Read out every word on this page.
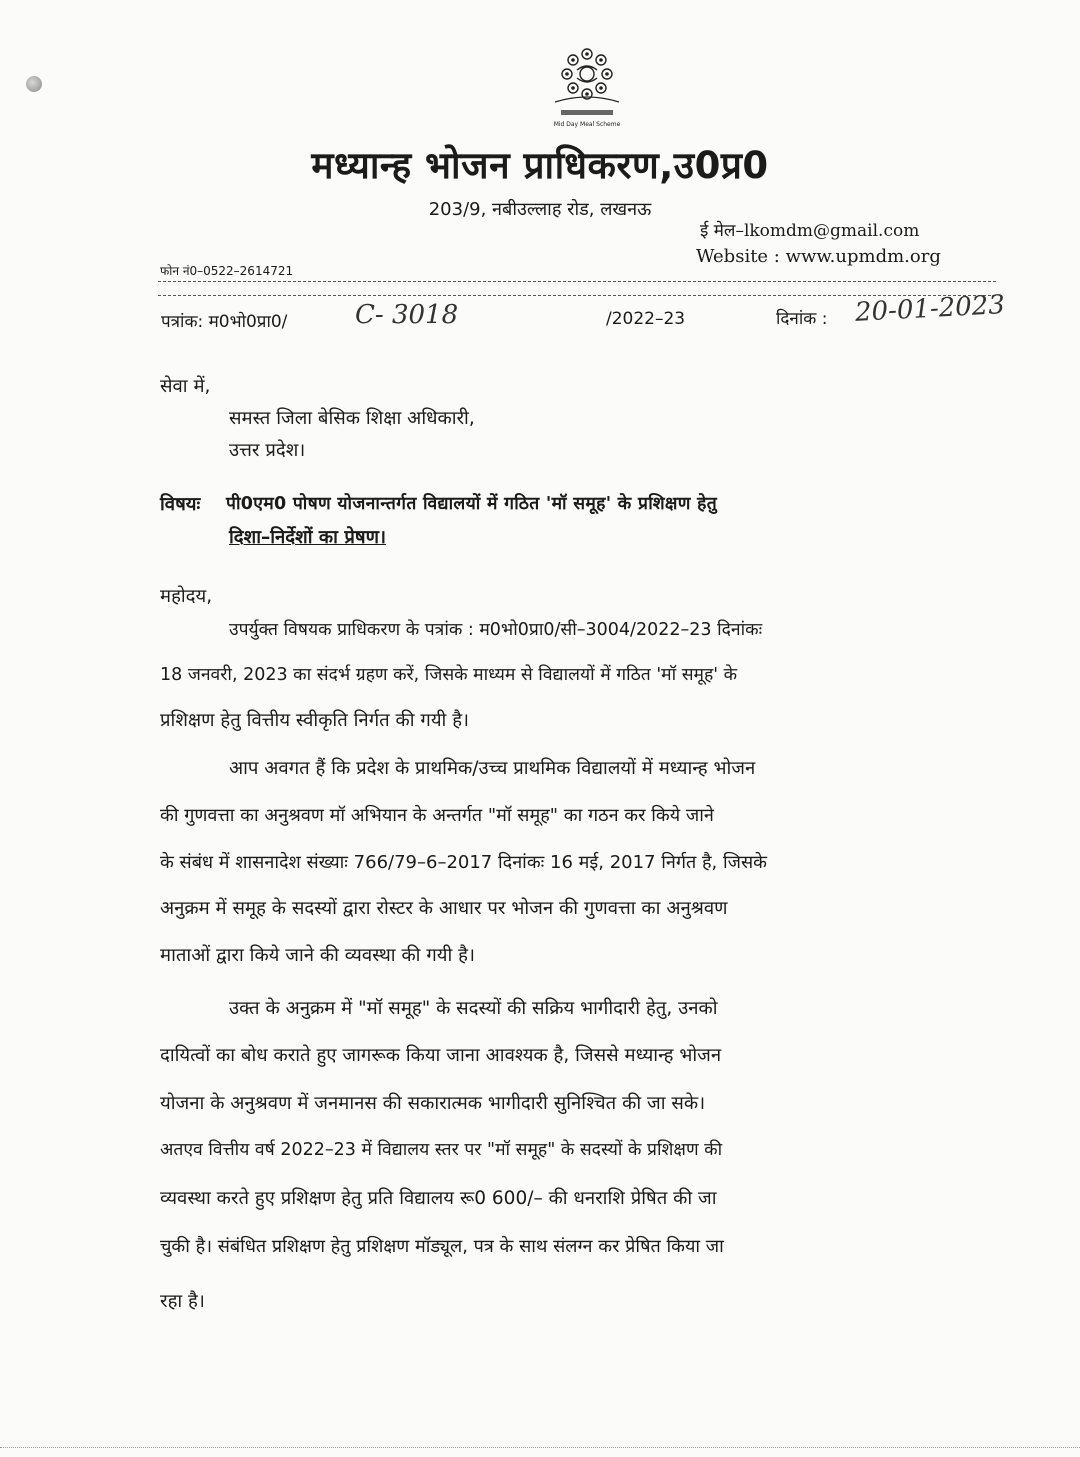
Mid Day Meal Scheme
मध्यान्ह भोजन प्राधिकरण,उ0प्र0
203/9, नबीउल्लाह रोड, लखनऊ
ई मेल–lkomdm@gmail.com
Website : www.upmdm.org
फोन नं0–0522–2614721
पत्रांक: म0भो0प्रा0/	C- 3018	/2022–23	दिनांक : 20-01-2023
सेवा में,
समस्त जिला बेसिक शिक्षा अधिकारी,
उत्तर प्रदेश।
विषयः पी0एम0 पोषण योजनान्तर्गत विद्यालयों में गठित 'मॉ समूह' के प्रशिक्षण हेतु
दिशा–निर्देशों का प्रेषण।
महोदय,
उपर्युक्त विषयक प्राधिकरण के पत्रांक : म0भो0प्रा0/सी–3004/2022–23 दिनांकः
18 जनवरी, 2023 का संदर्भ ग्रहण करें, जिसके माध्यम से विद्यालयों में गठित 'मॉ समूह' के
प्रशिक्षण हेतु वित्तीय स्वीकृति निर्गत की गयी है।
आप अवगत हैं कि प्रदेश के प्राथमिक/उच्च प्राथमिक विद्यालयों में मध्यान्ह भोजन
की गुणवत्ता का अनुश्रवण मॉ अभियान के अन्तर्गत "मॉ समूह" का गठन कर किये जाने
के संबंध में शासनादेश संख्याः 766/79–6–2017 दिनांकः 16 मई, 2017 निर्गत है, जिसके
अनुक्रम में समूह के सदस्यों द्वारा रोस्टर के आधार पर भोजन की गुणवत्ता का अनुश्रवण
माताओं द्वारा किये जाने की व्यवस्था की गयी है।
उक्त के अनुक्रम में "मॉ समूह" के सदस्यों की सक्रिय भागीदारी हेतु, उनको
दायित्वों का बोध कराते हुए जागरूक किया जाना आवश्यक है, जिससे मध्यान्ह भोजन
योजना के अनुश्रवण में जनमानस की सकारात्मक भागीदारी सुनिश्चित की जा सके।
अतएव वित्तीय वर्ष 2022–23 में विद्यालय स्तर पर "मॉ समूह" के सदस्यों के प्रशिक्षण की
व्यवस्था करते हुए प्रशिक्षण हेतु प्रति विद्यालय रू0 600/– की धनराशि प्रेषित की जा
चुकी है। संबंधित प्रशिक्षण हेतु प्रशिक्षण मॉड्यूल, पत्र के साथ संलग्न कर प्रेषित किया जा
रहा है।
